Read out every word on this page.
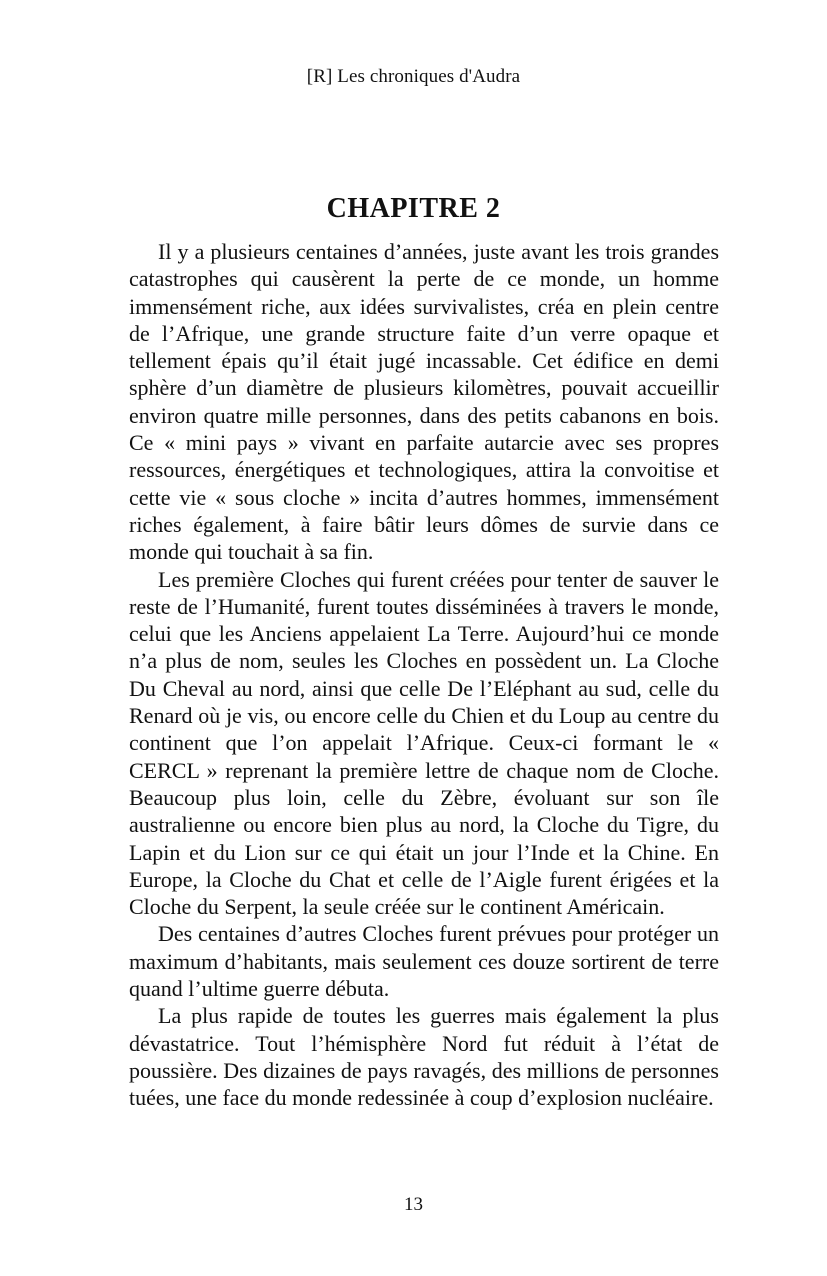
[R] Les chroniques d'Audra
CHAPITRE 2

Il y a plusieurs centaines d’années, juste avant les trois grandes catastrophes qui causèrent la perte de ce monde, un homme immensément riche, aux idées survivalistes, créa en plein centre de l’Afrique, une grande structure faite d’un verre opaque et tellement épais qu’il était jugé incassable. Cet édifice en demi sphère d’un diamètre de plusieurs kilomètres, pouvait accueillir environ quatre mille personnes, dans des petits cabanons en bois. Ce « mini pays » vivant en parfaite autarcie avec ses propres ressources, énergétiques et technologiques, attira la convoitise et cette vie « sous cloche » incita d’autres hommes, immensément riches également, à faire bâtir leurs dômes de survie dans ce monde qui touchait à sa fin.

Les première Cloches qui furent créées pour tenter de sauver le reste de l’Humanité, furent toutes disséminées à travers le monde, celui que les Anciens appelaient La Terre. Aujourd’hui ce monde n’a plus de nom, seules les Cloches en possèdent un. La Cloche Du Cheval au nord, ainsi que celle De l’Eléphant au sud, celle du Renard où je vis, ou encore celle du Chien et du Loup au centre du continent que l’on appelait l’Afrique. Ceux-ci formant le « CERCL » reprenant la première lettre de chaque nom de Cloche. Beaucoup plus loin, celle du Zèbre, évoluant sur son île australienne ou encore bien plus au nord, la Cloche du Tigre, du Lapin et du Lion sur ce qui était un jour l’Inde et la Chine. En Europe, la Cloche du Chat et celle de l’Aigle furent érigées et la Cloche du Serpent, la seule créée sur le continent Américain.

Des centaines d’autres Cloches furent prévues pour protéger un maximum d’habitants, mais seulement ces douze sortirent de terre quand l’ultime guerre débuta.

La plus rapide de toutes les guerres mais également la plus dévastatrice. Tout l’hémisphère Nord fut réduit à l’état de poussière. Des dizaines de pays ravagés, des millions de personnes tuées, une face du monde redessinée à coup d’explosion nucléaire.

13
